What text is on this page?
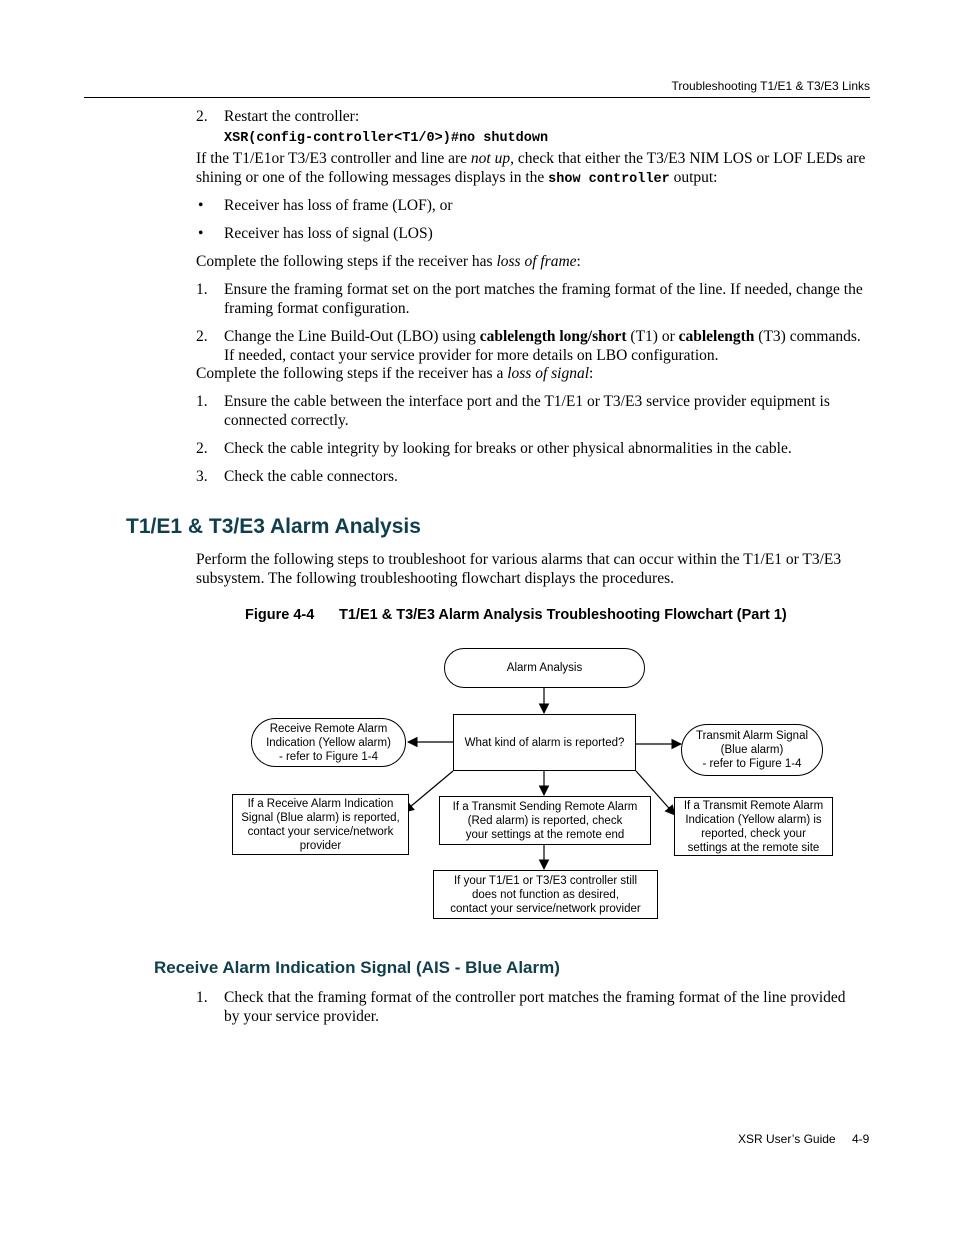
Troubleshooting T1/E1 & T3/E3 Links
2.	Restart the controller:
XSR(config-controller<T1/0>)#no shutdown
If the T1/E1or T3/E3 controller and line are not up, check that either the T3/E3 NIM LOS or LOF LEDs are shining or one of the following messages displays in the show controller output:
•	Receiver has loss of frame (LOF), or
•	Receiver has loss of signal (LOS)
Complete the following steps if the receiver has loss of frame:
1.	Ensure the framing format set on the port matches the framing format of the line. If needed, change the framing format configuration.
2.	Change the Line Build-Out (LBO) using cablelength long/short (T1) or cablelength (T3) commands. If needed, contact your service provider for more details on LBO configuration.
Complete the following steps if the receiver has a loss of signal:
1.	Ensure the cable between the interface port and the T1/E1 or T3/E3 service provider equipment is connected correctly.
2.	Check the cable integrity by looking for breaks or other physical abnormalities in the cable.
3.	Check the cable connectors.
T1/E1 & T3/E3 Alarm Analysis
Perform the following steps to troubleshoot for various alarms that can occur within the T1/E1 or T3/E3 subsystem. The following troubleshooting flowchart displays the procedures.
Figure 4-4 T1/E1 & T3/E3 Alarm Analysis Troubleshooting Flowchart (Part 1)
Alarm Analysis
What kind of alarm is reported?
Receive Remote Alarm
Indication (Yellow alarm)
- refer to Figure 1-4
Transmit Alarm Signal
(Blue alarm)
- refer to Figure 1-4
If a Receive Alarm Indication
Signal (Blue alarm) is reported,
contact your service/network
provider
If a Transmit Sending Remote Alarm
(Red alarm) is reported, check
your settings at the remote end
If a Transmit Remote Alarm
Indication (Yellow alarm) is
reported, check your
settings at the remote site
If your T1/E1 or T3/E3 controller still
does not function as desired,
contact your service/network provider
Receive Alarm Indication Signal (AIS - Blue Alarm)
1.	Check that the framing format of the controller port matches the framing format of the line provided by your service provider.
XSR User’s Guide 4-9
